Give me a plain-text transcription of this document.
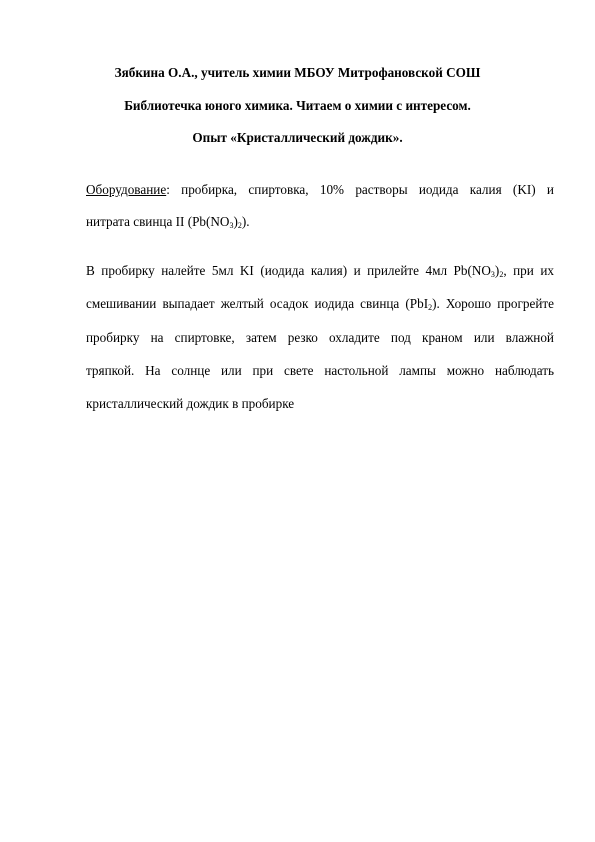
Зябкина О.А., учитель химии МБОУ Митрофановской СОШ
Библиотечка юного химика. Читаем о химии с интересом.
Опыт «Кристаллический дождик».
Оборудование: пробирка, спиртовка, 10% растворы иодида калия (KI) и
нитрата свинца II $(Pb(NO_3)_2)$.
В пробирку налейте 5мл KI (иодида калия) и прилейте 4мл $Pb(NO_3)_2$, при их
смешивании выпадает желтый осадок иодида свинца (PbI$_2$). Хорошо прогрейте
пробирку на спиртовке, затем резко охладите под краном или влажной
тряпкой. На солнце или при свете настольной лампы можно наблюдать
кристаллический дождик в пробирке
